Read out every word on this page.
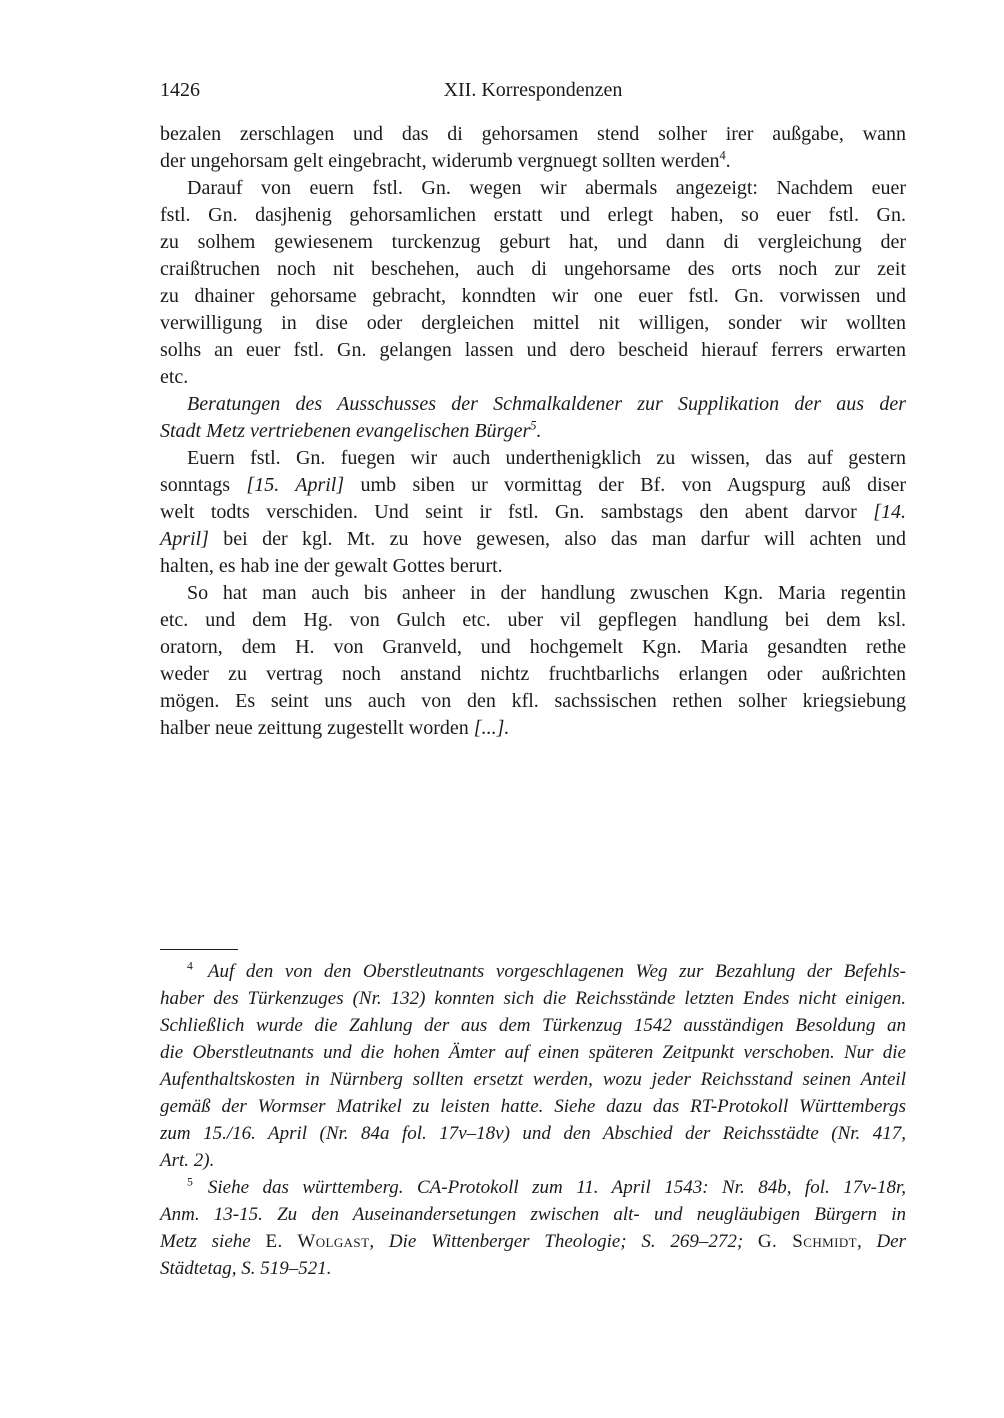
1426	XII. Korrespondenzen
bezalen zerschlagen und das di gehorsamen stend solher irer außgabe, wann
der ungehorsam gelt eingebracht, widerumb vergnuegt sollten werden$^4$.
Darauf von euern fstl. Gn. wegen wir abermals angezeigt: Nachdem euer
fstl. Gn. dasjhenig gehorsamlichen erstatt und erlegt haben, so euer fstl. Gn.
zu solhem gewiesenem turckenzug geburt hat, und dann di vergleichung der
craißtruchen noch nit beschehen, auch di ungehorsame des orts noch zur zeit
zu dhainer gehorsame gebracht, konndten wir one euer fstl. Gn. vorwissen und
verwilligung in dise oder dergleichen mittel nit willigen, sonder wir wollten
solhs an euer fstl. Gn. gelangen lassen und dero bescheid hierauf ferrers erwarten
etc.
Beratungen des Ausschusses der Schmalkaldener zur Supplikation der aus der
Stadt Metz vertriebenen evangelischen Bürger$^5$.
Euern fstl. Gn. fuegen wir auch underthenigklich zu wissen, das auf gestern
sonntags [15. April] umb siben ur vormittag der Bf. von Augspurg auß diser
welt todts verschiden. Und seint ir fstl. Gn. sambstags den abent darvor [14.
April] bei der kgl. Mt. zu hove gewesen, also das man darfur will achten und
halten, es hab ine der gewalt Gottes berurt.
So hat man auch bis anheer in der handlung zwuschen Kgn. Maria regentin
etc. und dem Hg. von Gulch etc. uber vil gepflegen handlung bei dem ksl.
oratorn, dem H. von Granveld, und hochgemelt Kgn. Maria gesandten rethe
weder zu vertrag noch anstand nichtz fruchtbarlichs erlangen oder außrichten
mögen. Es seint uns auch von den kfl. sachssischen rethen solher kriegsiebung
halber neue zeittung zugestellt worden [...].
$^4$ Auf den von den Oberstleutnants vorgeschlagenen Weg zur Bezahlung der Befehls-
haber des Türkenzuges (Nr. 132) konnten sich die Reichsstände letzten Endes nicht einigen.
Schließlich wurde die Zahlung der aus dem Türkenzug 1542 ausständigen Besoldung an
die Oberstleutnants und die hohen Ämter auf einen späteren Zeitpunkt verschoben. Nur die
Aufenthaltskosten in Nürnberg sollten ersetzt werden, wozu jeder Reichsstand seinen Anteil
gemäß der Wormser Matrikel zu leisten hatte. Siehe dazu das RT-Protokoll Württembergs
zum 15./16. April (Nr. 84a fol. 17v–18v) und den Abschied der Reichsstädte (Nr. 417,
Art. 2).
$^5$ Siehe das württemberg. CA-Protokoll zum 11. April 1543: Nr. 84b, fol. 17v-18r,
Anm. 13-15. Zu den Auseinandersetungen zwischen alt- und neugläubigen Bürgern in
Metz siehe E. Wolgast, Die Wittenberger Theologie; S. 269–272; G. Schmidt, Der
Städtetag, S. 519–521.
